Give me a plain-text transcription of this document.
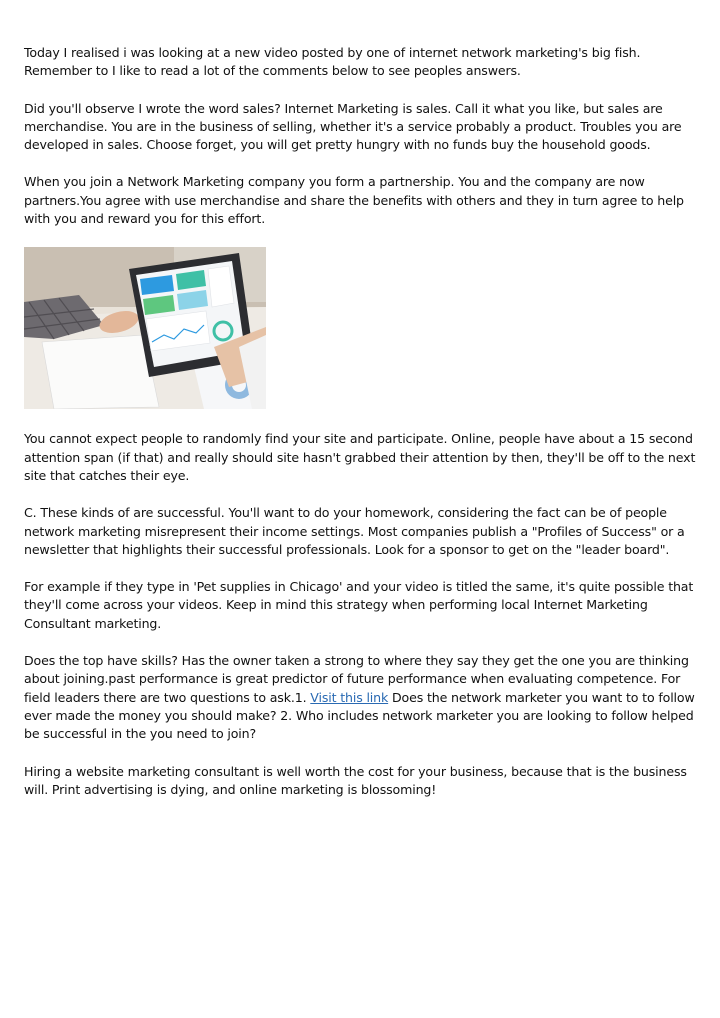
Today I realised i was looking at a new video posted by one of internet network marketing's big fish. Remember to I like to read a lot of the comments below to see peoples answers.

Did you'll observe I wrote the word sales? Internet Marketing is sales. Call it what you like, but sales are merchandise. You are in the business of selling, whether it's a service probably a product. Troubles you are developed in sales. Choose forget, you will get pretty hungry with no funds buy the household goods.

When you join a Network Marketing company you form a partnership. You and the company are now partners.You agree with use merchandise and share the benefits with others and they in turn agree to help with you and reward you for this effort.

You cannot expect people to randomly find your site and participate. Online, people have about a 15 second attention span (if that) and really should site hasn't grabbed their attention by then, they'll be off to the next site that catches their eye.

C. These kinds of are successful. You'll want to do your homework, considering the fact can be of people network marketing misrepresent their income settings. Most companies publish a "Profiles of Success" or a newsletter that highlights their successful professionals. Look for a sponsor to get on the "leader board".

For example if they type in 'Pet supplies in Chicago' and your video is titled the same, it's quite possible that they'll come across your videos. Keep in mind this strategy when performing local Internet Marketing Consultant marketing.

Does the top have skills? Has the owner taken a strong to where they say they get the one you are thinking about joining.past performance is great predictor of future performance when evaluating competence. For field leaders there are two questions to ask.1. Visit this link Does the network marketer you want to to follow ever made the money you should make? 2. Who includes network marketer you are looking to follow helped be successful in the you need to join?

Hiring a website marketing consultant is well worth the cost for your business, because that is the business will. Print advertising is dying, and online marketing is blossoming!
